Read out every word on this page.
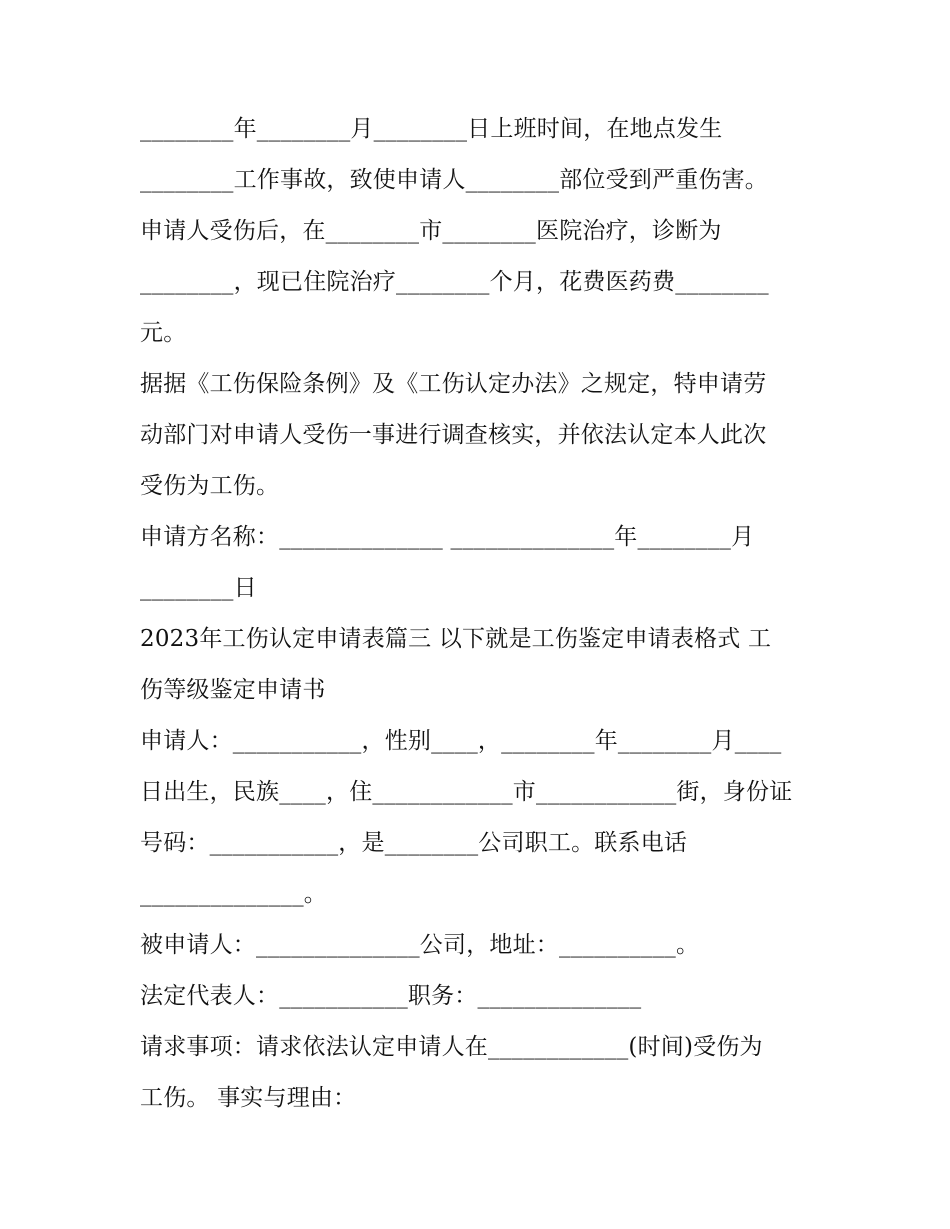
________年________月________日上班时间，在地点发生
________工作事故，致使申请人________部位受到严重伤害。
申请人受伤后，在________市________医院治疗，诊断为
________，现已住院治疗________个月，花费医药费________
元。
据据《工伤保险条例》及《工伤认定办法》之规定，特申请劳
动部门对申请人受伤一事进行调查核实，并依法认定本人此次
受伤为工伤。
申请方名称：______________ ______________年________月
________日
2023年工伤认定申请表篇三 以下就是工伤鉴定申请表格式 工
伤等级鉴定申请书
申请人：___________，性别____，________年________月____
日出生，民族____，住____________市____________街，身份证
号码：___________，是________公司职工。联系电话
______________。
被申请人：______________公司，地址：__________。
法定代表人：___________职务：______________
请求事项：请求依法认定申请人在____________(时间)受伤为
工伤。 事实与理由：
